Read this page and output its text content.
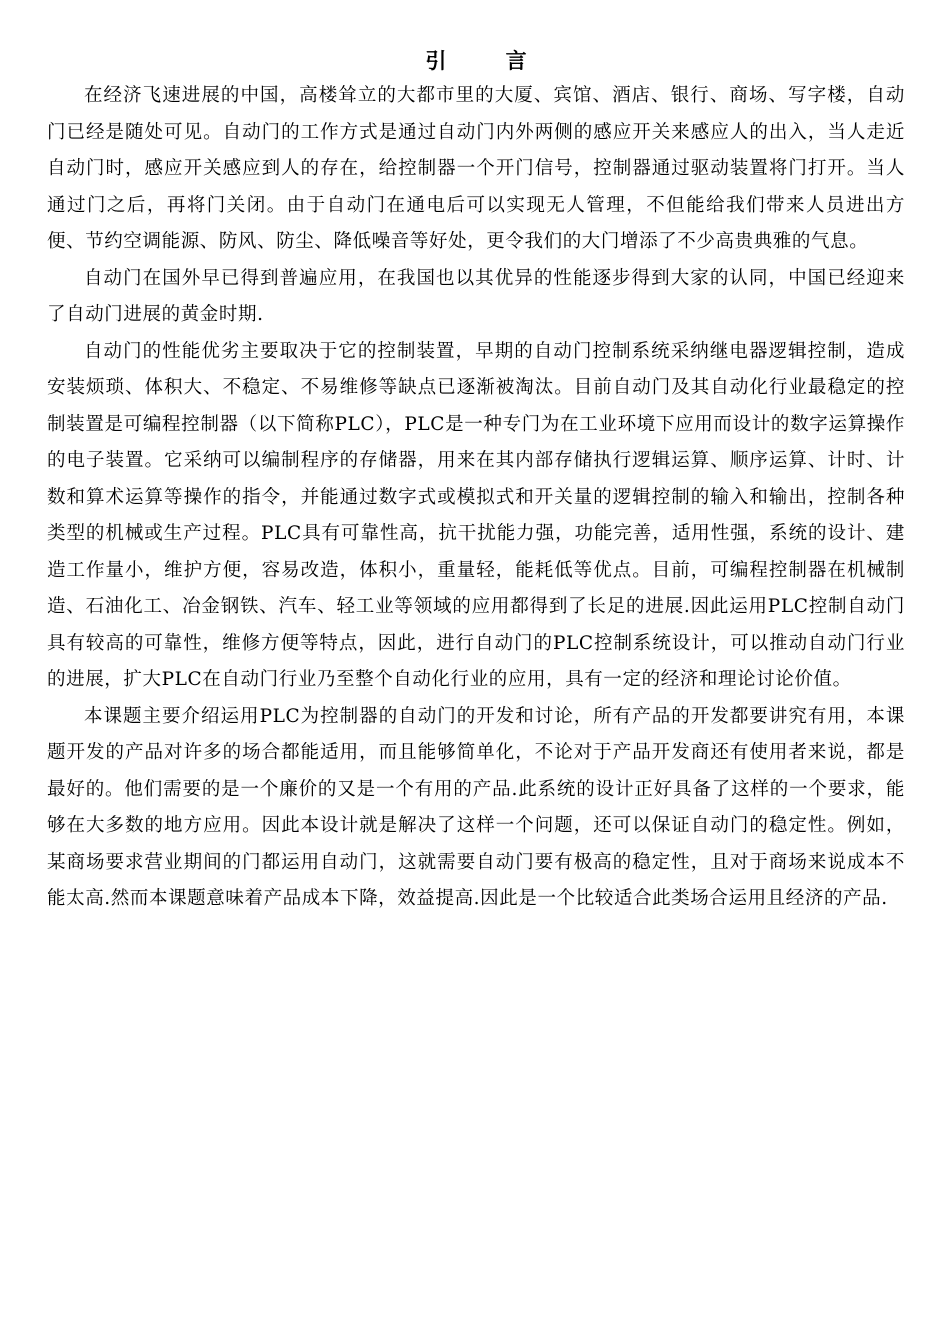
引 言

在经济飞速进展的中国，高楼耸立的大都市里的大厦、宾馆、酒店、银行、商场、写字楼，自动门已经是随处可见。自动门的工作方式是通过自动门内外两侧的感应开关来感应人的出入，当人走近自动门时，感应开关感应到人的存在，给控制器一个开门信号，控制器通过驱动装置将门打开。当人通过门之后，再将门关闭。由于自动门在通电后可以实现无人管理，不但能给我们带来人员进出方便、节约空调能源、防风、防尘、降低噪音等好处，更令我们的大门增添了不少高贵典雅的气息。

自动门在国外早已得到普遍应用，在我国也以其优异的性能逐步得到大家的认同，中国已经迎来了自动门进展的黄金时期.

自动门的性能优劣主要取决于它的控制装置，早期的自动门控制系统采纳继电器逻辑控制，造成安装烦琐、体积大、不稳定、不易维修等缺点已逐渐被淘汰。目前自动门及其自动化行业最稳定的控制装置是可编程控制器（以下简称PLC），PLC是一种专门为在工业环境下应用而设计的数字运算操作的电子装置。它采纳可以编制程序的存储器，用来在其内部存储执行逻辑运算、顺序运算、计时、计数和算术运算等操作的指令，并能通过数字式或模拟式和开关量的逻辑控制的输入和输出，控制各种类型的机械或生产过程。PLC具有可靠性高，抗干扰能力强，功能完善，适用性强，系统的设计、建造工作量小，维护方便，容易改造，体积小，重量轻，能耗低等优点。目前，可编程控制器在机械制造、石油化工、冶金钢铁、汽车、轻工业等领域的应用都得到了长足的进展.因此运用PLC控制自动门具有较高的可靠性，维修方便等特点，因此，进行自动门的PLC控制系统设计，可以推动自动门行业的进展，扩大PLC在自动门行业乃至整个自动化行业的应用，具有一定的经济和理论讨论价值。

本课题主要介绍运用PLC为控制器的自动门的开发和讨论，所有产品的开发都要讲究有用，本课题开发的产品对许多的场合都能适用，而且能够简单化，不论对于产品开发商还有使用者来说，都是最好的。他们需要的是一个廉价的又是一个有用的产品.此系统的设计正好具备了这样的一个要求，能够在大多数的地方应用。因此本设计就是解决了这样一个问题，还可以保证自动门的稳定性。例如，某商场要求营业期间的门都运用自动门，这就需要自动门要有极高的稳定性，且对于商场来说成本不能太高.然而本课题意味着产品成本下降，效益提高.因此是一个比较适合此类场合运用且经济的产品.
